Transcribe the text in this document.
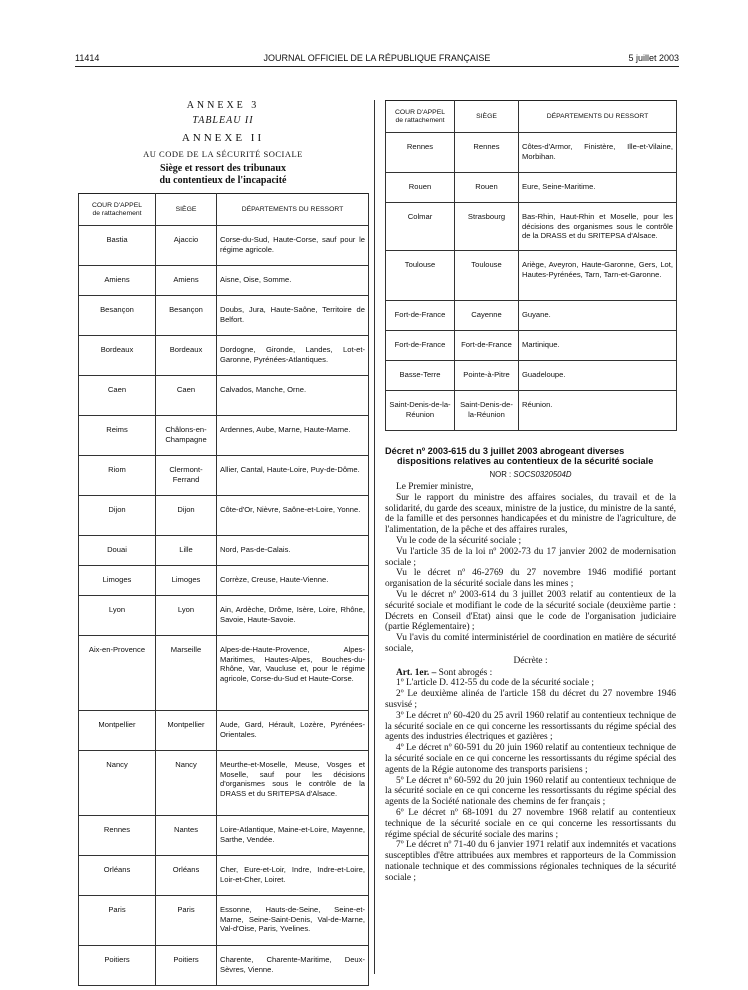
11414	JOURNAL OFFICIEL DE LA RÉPUBLIQUE FRANÇAISE	5 juillet 2003
ANNEXE 3
TABLEAU II
ANNEXE II
AU CODE DE LA SÉCURITÉ SOCIALE
Siège et ressort des tribunaux
du contentieux de l'incapacité
COUR D'APPEL
de rattachement	SIÈGE	DÉPARTEMENTS DU RESSORT
Bastia	Ajaccio	Corse-du-Sud, Haute-Corse, sauf pour le régime agricole.
Amiens	Amiens	Aisne, Oise, Somme.
Besançon	Besançon	Doubs, Jura, Haute-Saône, Territoire de Belfort.
Bordeaux	Bordeaux	Dordogne, Gironde, Landes, Lot-et-Garonne, Pyrénées-Atlantiques.
Caen	Caen	Calvados, Manche, Orne.
Reims	Châlons-en-Champagne	Ardennes, Aube, Marne, Haute-Marne.
Riom	Clermont-Ferrand	Allier, Cantal, Haute-Loire, Puy-de-Dôme.
Dijon	Dijon	Côte-d'Or, Nièvre, Saône-et-Loire, Yonne.
Douai	Lille	Nord, Pas-de-Calais.
Limoges	Limoges	Corrèze, Creuse, Haute-Vienne.
Lyon	Lyon	Ain, Ardèche, Drôme, Isère, Loire, Rhône, Savoie, Haute-Savoie.
Aix-en-Provence	Marseille	Alpes-de-Haute-Provence, Alpes-Maritimes, Hautes-Alpes, Bouches-du-Rhône, Var, Vaucluse et, pour le régime agricole, Corse-du-Sud et Haute-Corse.
Montpellier	Montpellier	Aude, Gard, Hérault, Lozère, Pyrénées-Orientales.
Nancy	Nancy	Meurthe-et-Moselle, Meuse, Vosges et Moselle, sauf pour les décisions d'organismes sous le contrôle de la DRASS et du SRITEPSA d'Alsace.
Rennes	Nantes	Loire-Atlantique, Maine-et-Loire, Mayenne, Sarthe, Vendée.
Orléans	Orléans	Cher, Eure-et-Loir, Indre, Indre-et-Loire, Loir-et-Cher, Loiret.
Paris	Paris	Essonne, Hauts-de-Seine, Seine-et-Marne, Seine-Saint-Denis, Val-de-Marne, Val-d'Oise, Paris, Yvelines.
Poitiers	Poitiers	Charente, Charente-Maritime, Deux-Sèvres, Vienne.
COUR D'APPEL
de rattachement	SIÈGE	DÉPARTEMENTS DU RESSORT
Rennes	Rennes	Côtes-d'Armor, Finistère, Ille-et-Vilaine, Morbihan.
Rouen	Rouen	Eure, Seine-Maritime.
Colmar	Strasbourg	Bas-Rhin, Haut-Rhin et Moselle, pour les décisions des organismes sous le contrôle de la DRASS et du SRITEPSA d'Alsace.
Toulouse	Toulouse	Ariège, Aveyron, Haute-Garonne, Gers, Lot, Hautes-Pyrénées, Tarn, Tarn-et-Garonne.
Fort-de-France	Cayenne	Guyane.
Fort-de-France	Fort-de-France	Martinique.
Basse-Terre	Pointe-à-Pitre	Guadeloupe.
Saint-Denis-de-la-Réunion	Saint-Denis-de-la-Réunion	Réunion.

Décret nº 2003-615 du 3 juillet 2003 abrogeant diverses dispositions relatives au contentieux de la sécurité sociale

NOR : SOCS0320504D

Le Premier ministre,

Sur le rapport du ministre des affaires sociales, du travail et de la solidarité, du garde des sceaux, ministre de la justice, du ministre de la santé, de la famille et des personnes handicapées et du ministre de l'agriculture, de l'alimentation, de la pêche et des affaires rurales,

Vu le code de la sécurité sociale ;

Vu l'article 35 de la loi nº 2002-73 du 17 janvier 2002 de modernisation sociale ;

Vu le décret nº 46-2769 du 27 novembre 1946 modifié portant organisation de la sécurité sociale dans les mines ;

Vu le décret nº 2003-614 du 3 juillet 2003 relatif au contentieux de la sécurité sociale et modifiant le code de la sécurité sociale (deuxième partie : Décrets en Conseil d'Etat) ainsi que le code de l'organisation judiciaire (partie Réglementaire) ;

Vu l'avis du comité interministériel de coordination en matière de sécurité sociale,

Décrète :

Art. 1er. – Sont abrogés :

1º L'article D. 412-55 du code de la sécurité sociale ;

2º Le deuxième alinéa de l'article 158 du décret du 27 novembre 1946 susvisé ;

3º Le décret nº 60-420 du 25 avril 1960 relatif au contentieux technique de la sécurité sociale en ce qui concerne les ressortissants du régime spécial des agents des industries électriques et gazières ;

4º Le décret nº 60-591 du 20 juin 1960 relatif au contentieux technique de la sécurité sociale en ce qui concerne les ressortissants du régime spécial des agents de la Régie autonome des transports parisiens ;

5º Le décret nº 60-592 du 20 juin 1960 relatif au contentieux technique de la sécurité sociale en ce qui concerne les ressortissants du régime spécial des agents de la Société nationale des chemins de fer français ;

6º Le décret nº 68-1091 du 27 novembre 1968 relatif au contentieux technique de la sécurité sociale en ce qui concerne les ressortissants du régime spécial de sécurité sociale des marins ;

7º Le décret nº 71-40 du 6 janvier 1971 relatif aux indemnités et vacations susceptibles d'être attribuées aux membres et rapporteurs de la Commission nationale technique et des commissions régionales techniques de la sécurité sociale ;
